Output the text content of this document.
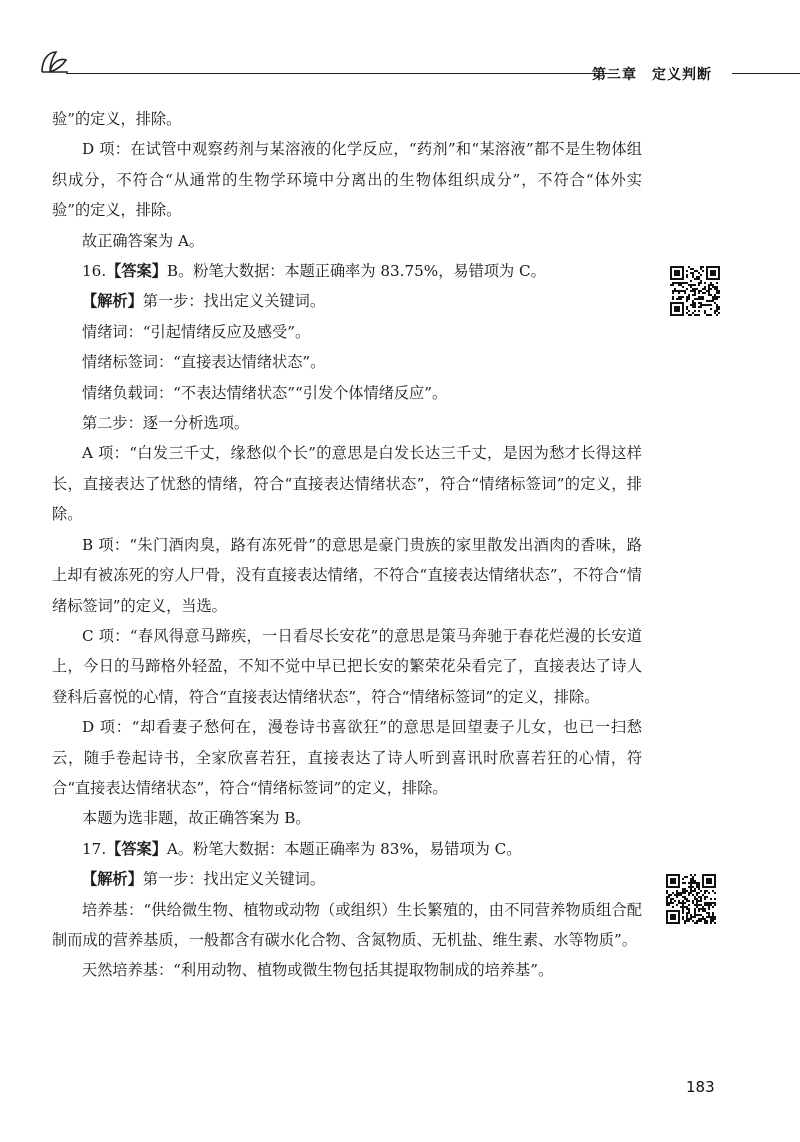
第二章　定义判断

验”的定义，排除。

D 项：在试管中观察药剂与某溶液的化学反应，“药剂”和“某溶液”都不是生物体组织成分，不符合“从通常的生物学环境中分离出的生物体组织成分”，不符合“体外实验”的定义，排除。

故正确答案为 A。

16.【答案】B。粉笔大数据：本题正确率为 83.75%，易错项为 C。

【解析】第一步：找出定义关键词。

情绪词：“引起情绪反应及感受”。

情绪标签词：“直接表达情绪状态”。

情绪负载词：“不表达情绪状态”“引发个体情绪反应”。

第二步：逐一分析选项。

A 项：“白发三千丈，缘愁似个长”的意思是白发长达三千丈，是因为愁才长得这样长，直接表达了忧愁的情绪，符合“直接表达情绪状态”，符合“情绪标签词”的定义，排除。

B 项：“朱门酒肉臭，路有冻死骨”的意思是豪门贵族的家里散发出酒肉的香味，路上却有被冻死的穷人尸骨，没有直接表达情绪，不符合“直接表达情绪状态”，不符合“情绪标签词”的定义，当选。

C 项：“春风得意马蹄疾，一日看尽长安花”的意思是策马奔驰于春花烂漫的长安道上，今日的马蹄格外轻盈，不知不觉中早已把长安的繁荣花朵看完了，直接表达了诗人登科后喜悦的心情，符合“直接表达情绪状态”，符合“情绪标签词”的定义，排除。

D 项：“却看妻子愁何在，漫卷诗书喜欲狂”的意思是回望妻子儿女，也已一扫愁云，随手卷起诗书，全家欣喜若狂，直接表达了诗人听到喜讯时欣喜若狂的心情，符合“直接表达情绪状态”，符合“情绪标签词”的定义，排除。

本题为选非题，故正确答案为 B。

17.【答案】A。粉笔大数据：本题正确率为 83%，易错项为 C。

【解析】第一步：找出定义关键词。

培养基：“供给微生物、植物或动物（或组织）生长繁殖的，由不同营养物质组合配制而成的营养基质，一般都含有碳水化合物、含氮物质、无机盐、维生素、水等物质”。

天然培养基：“利用动物、植物或微生物包括其提取物制成的培养基”。

183
